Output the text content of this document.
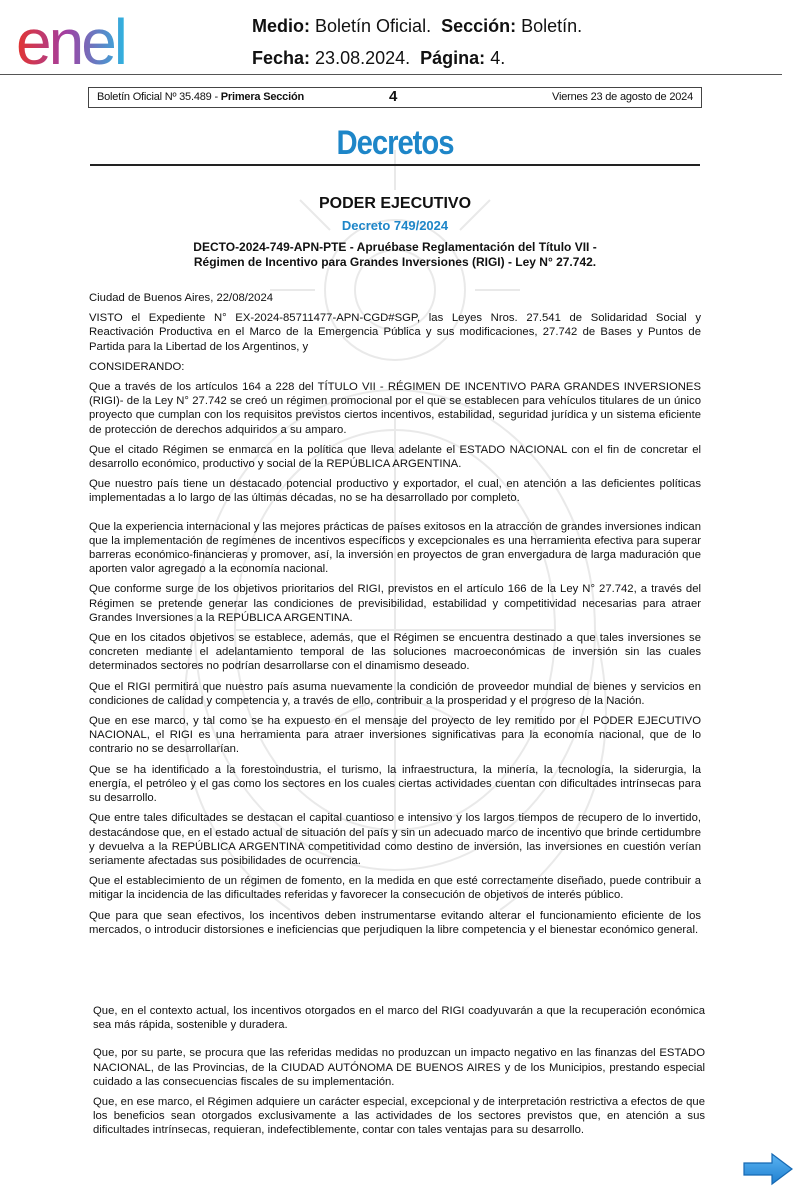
enel	Medio: Boletín Oficial. Sección: Boletín.
Fecha: 23.08.2024. Página: 4.
Boletín Oficial Nº 35.489 - Primera Sección	4	Viernes 23 de agosto de 2024
Decretos
PODER EJECUTIVO
Decreto 749/2024
DECTO-2024-749-APN-PTE - Apruébase Reglamentación del Título VII -
Régimen de Incentivo para Grandes Inversiones (RIGI) - Ley N° 27.742.

Ciudad de Buenos Aires, 22/08/2024

VISTO el Expediente N° EX-2024-85711477-APN-CGD#SGP, las Leyes Nros. 27.541 de Solidaridad Social y Reactivación Productiva en el Marco de la Emergencia Pública y sus modificaciones, 27.742 de Bases y Puntos de Partida para la Libertad de los Argentinos, y

CONSIDERANDO:

Que a través de los artículos 164 a 228 del TÍTULO VII - RÉGIMEN DE INCENTIVO PARA GRANDES INVERSIONES (RIGI)- de la Ley N° 27.742 se creó un régimen promocional por el que se establecen para vehículos titulares de un único proyecto que cumplan con los requisitos previstos ciertos incentivos, estabilidad, seguridad jurídica y un sistema eficiente de protección de derechos adquiridos a su amparo.

Que el citado Régimen se enmarca en la política que lleva adelante el ESTADO NACIONAL con el fin de concretar el desarrollo económico, productivo y social de la REPÚBLICA ARGENTINA.

Que nuestro país tiene un destacado potencial productivo y exportador, el cual, en atención a las deficientes políticas implementadas a lo largo de las últimas décadas, no se ha desarrollado por completo.

Que la experiencia internacional y las mejores prácticas de países exitosos en la atracción de grandes inversiones indican que la implementación de regímenes de incentivos específicos y excepcionales es una herramienta efectiva para superar barreras económico-financieras y promover, así, la inversión en proyectos de gran envergadura de larga maduración que aporten valor agregado a la economía nacional.

Que conforme surge de los objetivos prioritarios del RIGI, previstos en el artículo 166 de la Ley N° 27.742, a través del Régimen se pretende generar las condiciones de previsibilidad, estabilidad y competitividad necesarias para atraer Grandes Inversiones a la REPÚBLICA ARGENTINA.

Que en los citados objetivos se establece, además, que el Régimen se encuentra destinado a que tales inversiones se concreten mediante el adelantamiento temporal de las soluciones macroeconómicas de inversión sin las cuales determinados sectores no podrían desarrollarse con el dinamismo deseado.

Que el RIGI permitirá que nuestro país asuma nuevamente la condición de proveedor mundial de bienes y servicios en condiciones de calidad y competencia y, a través de ello, contribuir a la prosperidad y el progreso de la Nación.

Que en ese marco, y tal como se ha expuesto en el mensaje del proyecto de ley remitido por el PODER EJECUTIVO NACIONAL, el RIGI es una herramienta para atraer inversiones significativas para la economía nacional, que de lo contrario no se desarrollarían.

Que se ha identificado a la forestoindustria, el turismo, la infraestructura, la minería, la tecnología, la siderurgia, la energía, el petróleo y el gas como los sectores en los cuales ciertas actividades cuentan con dificultades intrínsecas para su desarrollo.

Que entre tales dificultades se destacan el capital cuantioso e intensivo y los largos tiempos de recupero de lo invertido, destacándose que, en el estado actual de situación del país y sin un adecuado marco de incentivo que brinde certidumbre y devuelva a la REPÚBLICA ARGENTINA competitividad como destino de inversión, las inversiones en cuestión verían seriamente afectadas sus posibilidades de ocurrencia.

Que el establecimiento de un régimen de fomento, en la medida en que esté correctamente diseñado, puede contribuir a mitigar la incidencia de las dificultades referidas y favorecer la consecución de objetivos de interés público.

Que para que sean efectivos, los incentivos deben instrumentarse evitando alterar el funcionamiento eficiente de los mercados, o introducir distorsiones e ineficiencias que perjudiquen la libre competencia y el bienestar económico general.

Que, en el contexto actual, los incentivos otorgados en el marco del RIGI coadyuvarán a que la recuperación económica sea más rápida, sostenible y duradera.

Que, por su parte, se procura que las referidas medidas no produzcan un impacto negativo en las finanzas del ESTADO NACIONAL, de las Provincias, de la CIUDAD AUTÓNOMA DE BUENOS AIRES y de los Municipios, prestando especial cuidado a las consecuencias fiscales de su implementación.

Que, en ese marco, el Régimen adquiere un carácter especial, excepcional y de interpretación restrictiva a efectos de que los beneficios sean otorgados exclusivamente a las actividades de los sectores previstos que, en atención a sus dificultades intrínsecas, requieran, indefectiblemente, contar con tales ventajas para su desarrollo.
